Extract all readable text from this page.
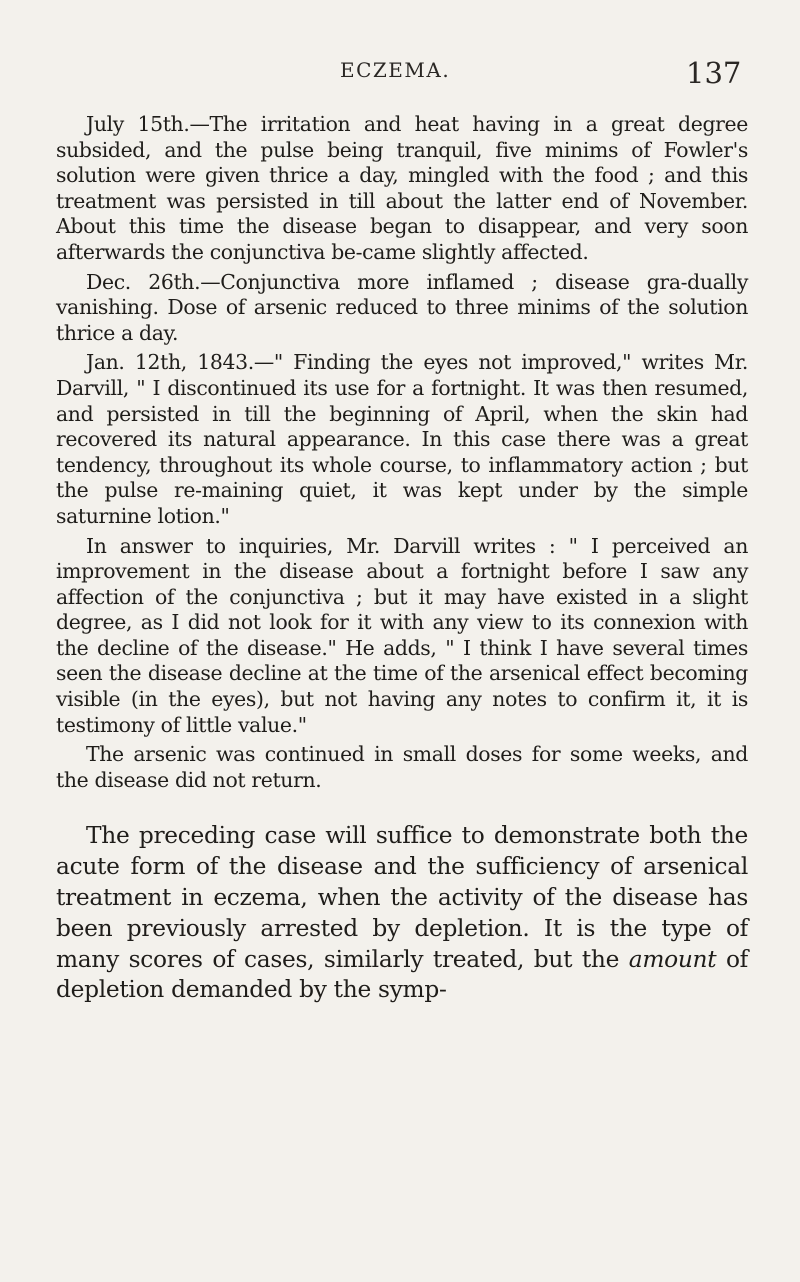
ECZEMA.	137

July 15th.—The irritation and heat having in a great degree subsided, and the pulse being tranquil, five minims of Fowler's solution were given thrice a day, mingled with the food ; and this treatment was persisted in till about the latter end of November. About this time the disease began to disappear, and very soon afterwards the conjunctiva be-came slightly affected.

Dec. 26th.—Conjunctiva more inflamed ; disease gra-dually vanishing. Dose of arsenic reduced to three minims of the solution thrice a day.

Jan. 12th, 1843.—" Finding the eyes not improved," writes Mr. Darvill, " I discontinued its use for a fortnight. It was then resumed, and persisted in till the beginning of April, when the skin had recovered its natural appearance. In this case there was a great tendency, throughout its whole course, to inflammatory action ; but the pulse re-maining quiet, it was kept under by the simple saturnine lotion."

In answer to inquiries, Mr. Darvill writes : " I perceived an improvement in the disease about a fortnight before I saw any affection of the conjunctiva ; but it may have existed in a slight degree, as I did not look for it with any view to its connexion with the decline of the disease." He adds, " I think I have several times seen the disease decline at the time of the arsenical effect becoming visible (in the eyes), but not having any notes to confirm it, it is testimony of little value."

The arsenic was continued in small doses for some weeks, and the disease did not return.

The preceding case will suffice to demonstrate both the acute form of the disease and the sufficiency of arsenical treatment in eczema, when the activity of the disease has been previously arrested by depletion. It is the type of many scores of cases, similarly treated, but the amount of depletion demanded by the symp-
